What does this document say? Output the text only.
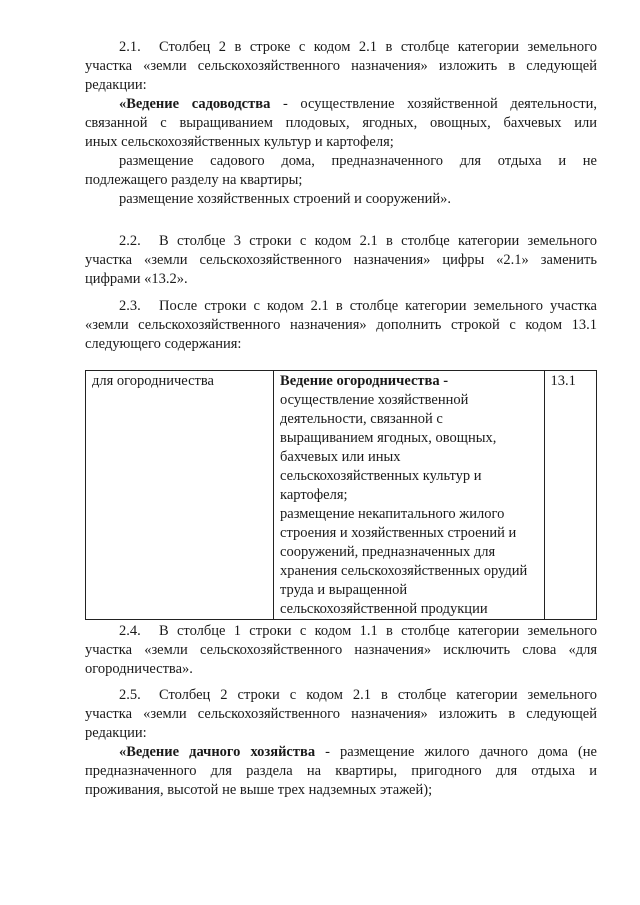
2.1. Столбец 2 в строке с кодом 2.1 в столбце категории земельного
участка «земли сельскохозяйственного назначения» изложить в следующей
редакции:
«Ведение садоводства - осуществление хозяйственной деятельности,
связанной с выращиванием плодовых, ягодных, овощных, бахчевых или
иных сельскохозяйственных культур и картофеля;
размещение садового дома, предназначенного для отдыха и не
подлежащего разделу на квартиры;
размещение хозяйственных строений и сооружений».
2.2. В столбце 3 строки с кодом 2.1 в столбце категории земельного
участка «земли сельскохозяйственного назначения» цифры «2.1» заменить
цифрами «13.2».
2.3. После строки с кодом 2.1 в столбце категории земельного участка
«земли сельскохозяйственного назначения» дополнить строкой с кодом 13.1
следующего содержания:
для огородничества	Ведение огородничества -
осуществление хозяйственной
деятельности, связанной с
выращиванием ягодных, овощных,
бахчевых или иных
сельскохозяйственных культур и
картофеля;
размещение некапитального жилого
строения и хозяйственных строений и
сооружений, предназначенных для
хранения сельскохозяйственных орудий
труда и выращенной
сельскохозяйственной продукции	13.1
2.4. В столбце 1 строки с кодом 1.1 в столбце категории земельного
участка «земли сельскохозяйственного назначения» исключить слова «для
огородничества».
2.5. Столбец 2 строки с кодом 2.1 в столбце категории земельного
участка «земли сельскохозяйственного назначения» изложить в следующей
редакции:
«Ведение дачного хозяйства - размещение жилого дачного дома (не
предназначенного для раздела на квартиры, пригодного для отдыха и
проживания, высотой не выше трех надземных этажей);
